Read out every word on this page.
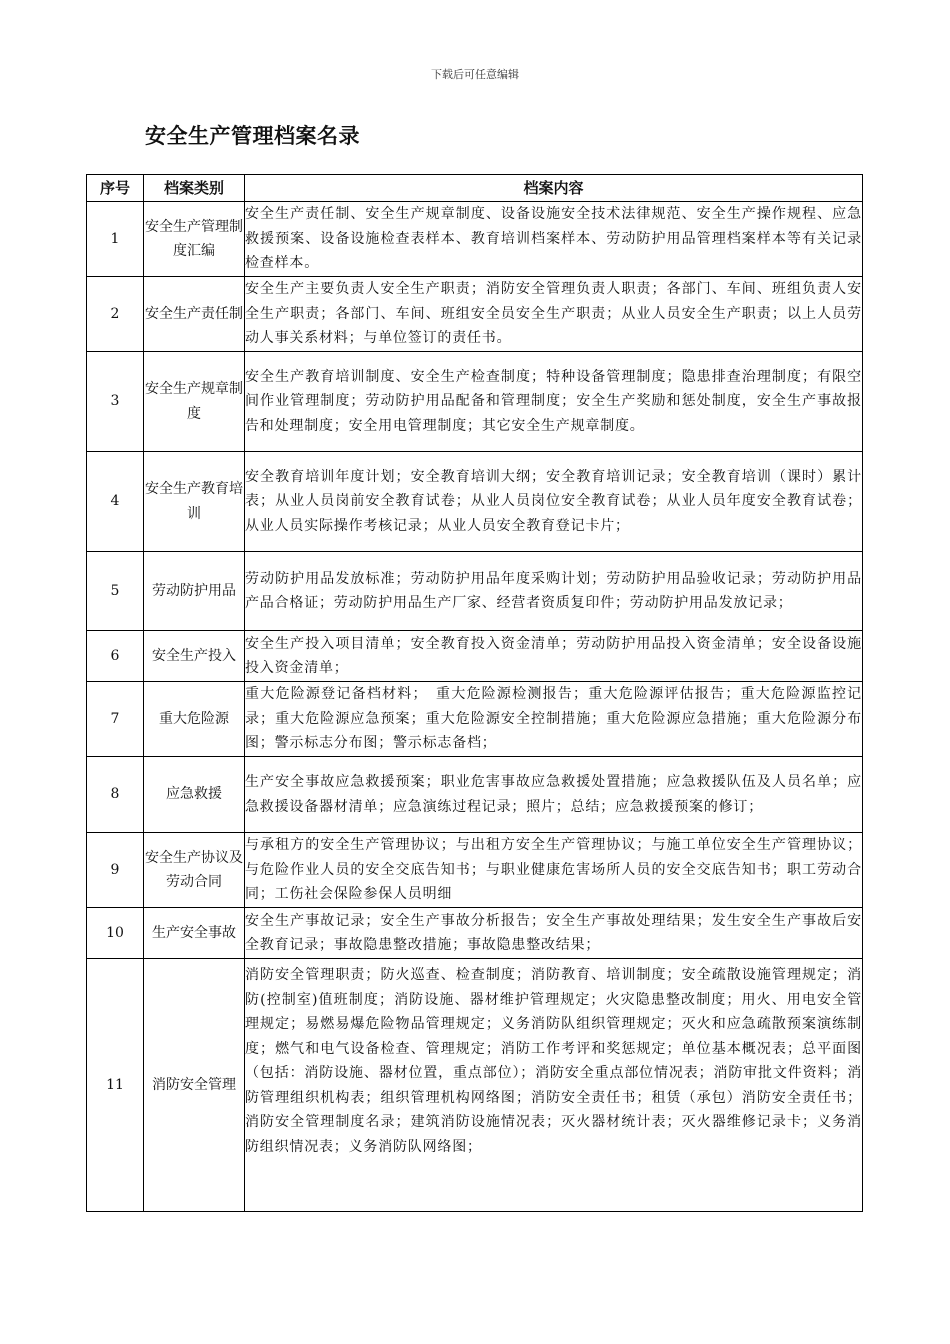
下载后可任意编辑
安全生产管理档案名录
序号	档案类别	档案内容
1	安全生产管理制度汇编	安全生产责任制、安全生产规章制度、设备设施安全技术法律规范、安全生产操作规程、应急救援预案、设备设施检查表样本、教育培训档案样本、劳动防护用品管理档案样本等有关记录检查样本。
2	安全生产责任制	安全生产主要负责人安全生产职责；消防安全管理负责人职责；各部门、车间、班组负责人安全生产职责；各部门、车间、班组安全员安全生产职责；从业人员安全生产职责；以上人员劳动人事关系材料；与单位签订的责任书。
3	安全生产规章制度	安全生产教育培训制度、安全生产检查制度；特种设备管理制度；隐患排查治理制度；有限空间作业管理制度；劳动防护用品配备和管理制度；安全生产奖励和惩处制度，安全生产事故报告和处理制度；安全用电管理制度；其它安全生产规章制度。
4	安全生产教育培训	安全教育培训年度计划；安全教育培训大纲；安全教育培训记录；安全教育培训（课时）累计表；从业人员岗前安全教育试卷；从业人员岗位安全教育试卷；从业人员年度安全教育试卷；从业人员实际操作考核记录；从业人员安全教育登记卡片；
5	劳动防护用品	劳动防护用品发放标准；劳动防护用品年度采购计划；劳动防护用品验收记录；劳动防护用品产品合格证；劳动防护用品生产厂家、经营者资质复印件；劳动防护用品发放记录；
6	安全生产投入	安全生产投入项目清单；安全教育投入资金清单；劳动防护用品投入资金清单；安全设备设施投入资金清单；
7	重大危险源	重大危险源登记备档材料；　重大危险源检测报告；重大危险源评估报告；重大危险源监控记录；重大危险源应急预案；重大危险源安全控制措施；重大危险源应急措施；重大危险源分布图；警示标志分布图；警示标志备档；
8	应急救援	生产安全事故应急救援预案；职业危害事故应急救援处置措施；应急救援队伍及人员名单；应急救援设备器材清单；应急演练过程记录；照片；总结；应急救援预案的修订；
9	安全生产协议及劳动合同	与承租方的安全生产管理协议；与出租方安全生产管理协议；与施工单位安全生产管理协议；与危险作业人员的安全交底告知书；与职业健康危害场所人员的安全交底告知书；职工劳动合同；工伤社会保险参保人员明细
10	生产安全事故	安全生产事故记录；安全生产事故分析报告；安全生产事故处理结果；发生安全生产事故后安全教育记录；事故隐患整改措施；事故隐患整改结果；
11	消防安全管理	消防安全管理职责；防火巡查、检查制度；消防教育、培训制度；安全疏散设施管理规定；消防(控制室)值班制度；消防设施、器材维护管理规定；火灾隐患整改制度；用火、用电安全管理规定；易燃易爆危险物品管理规定；义务消防队组织管理规定；灭火和应急疏散预案演练制度；燃气和电气设备检查、管理规定；消防工作考评和奖惩规定；单位基本概况表；总平面图（包括：消防设施、器材位置，重点部位）；消防安全重点部位情况表；消防审批文件资料；消防管理组织机构表；组织管理机构网络图；消防安全责任书；租赁（承包）消防安全责任书；消防安全管理制度名录；建筑消防设施情况表；灭火器材统计表；灭火器维修记录卡；义务消防组织情况表；义务消防队网络图；
